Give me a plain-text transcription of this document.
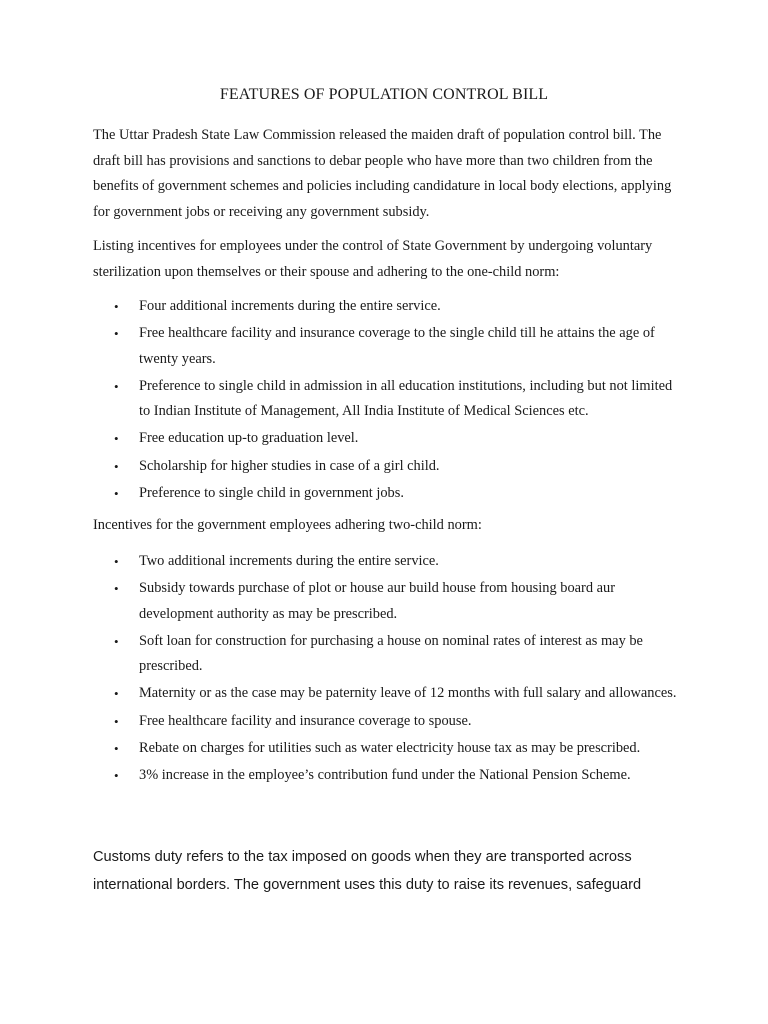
FEATURES OF POPULATION CONTROL BILL

The Uttar Pradesh State Law Commission released the maiden draft of population control bill. The draft bill has provisions and sanctions to debar people who have more than two children from the benefits of government schemes and policies including candidature in local body elections, applying for government jobs or receiving any government subsidy.

Listing incentives for employees under the control of State Government by undergoing voluntary sterilization upon themselves or their spouse and adhering to the one-child norm:

• Four additional increments during the entire service.
• Free healthcare facility and insurance coverage to the single child till he attains the age of twenty years.
• Preference to single child in admission in all education institutions, including but not limited to Indian Institute of Management, All India Institute of Medical Sciences etc.
• Free education up-to graduation level.
• Scholarship for higher studies in case of a girl child.
• Preference to single child in government jobs.

Incentives for the government employees adhering two-child norm:

• Two additional increments during the entire service.
• Subsidy towards purchase of plot or house aur build house from housing board aur development authority as may be prescribed.
• Soft loan for construction for purchasing a house on nominal rates of interest as may be prescribed.
• Maternity or as the case may be paternity leave of 12 months with full salary and allowances.
• Free healthcare facility and insurance coverage to spouse.
• Rebate on charges for utilities such as water electricity house tax as may be prescribed.
• 3% increase in the employee’s contribution fund under the National Pension Scheme.

Customs duty refers to the tax imposed on goods when they are transported across international borders. The government uses this duty to raise its revenues, safeguard
